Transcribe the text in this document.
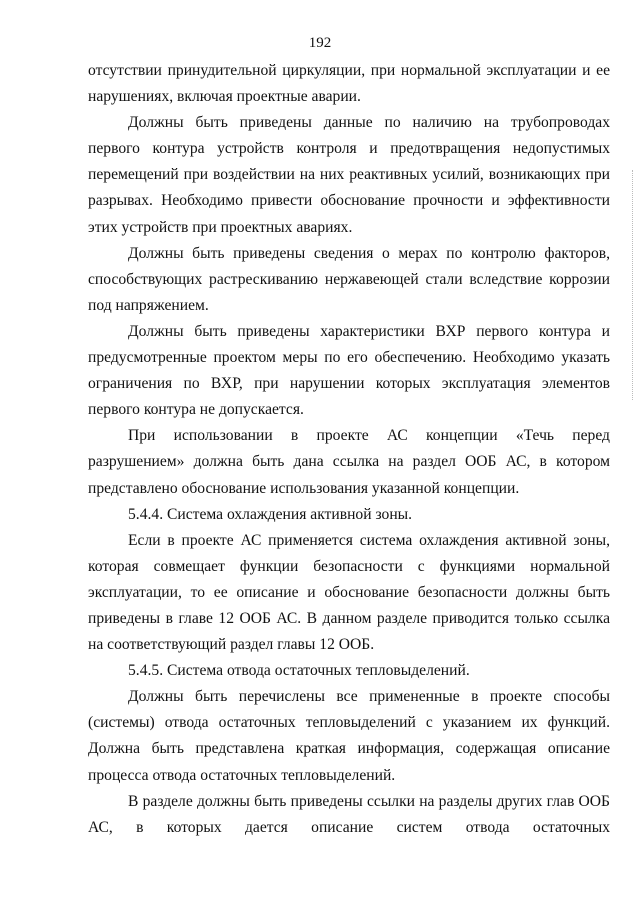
192

отсутствии принудительной циркуляции, при нормальной эксплуатации и ее нарушениях, включая проектные аварии.

Должны быть приведены данные по наличию на трубопроводах первого контура устройств контроля и предотвращения недопустимых перемещений при воздействии на них реактивных усилий, возникающих при разрывах. Необходимо привести обоснование прочности и эффективности этих устройств при проектных авариях.

Должны быть приведены сведения о мерах по контролю факторов, способствующих растрескиванию нержавеющей стали вследствие коррозии под напряжением.

Должны быть приведены характеристики ВХР первого контура и предусмотренные проектом меры по его обеспечению. Необходимо указать ограничения по ВХР, при нарушении которых эксплуатация элементов первого контура не допускается.

При использовании в проекте АС концепции «Течь перед разрушением» должна быть дана ссылка на раздел ООБ АС, в котором представлено обоснование использования указанной концепции.

5.4.4. Система охлаждения активной зоны.

Если в проекте АС применяется система охлаждения активной зоны, которая совмещает функции безопасности с функциями нормальной эксплуатации, то ее описание и обоснование безопасности должны быть приведены в главе 12 ООБ АС. В данном разделе приводится только ссылка на соответствующий раздел главы 12 ООБ.

5.4.5. Система отвода остаточных тепловыделений.

Должны быть перечислены все примененные в проекте способы (системы) отвода остаточных тепловыделений с указанием их функций. Должна быть представлена краткая информация, содержащая описание процесса отвода остаточных тепловыделений.

В разделе должны быть приведены ссылки на разделы других глав ООБ АС, в которых дается описание систем отвода остаточных
